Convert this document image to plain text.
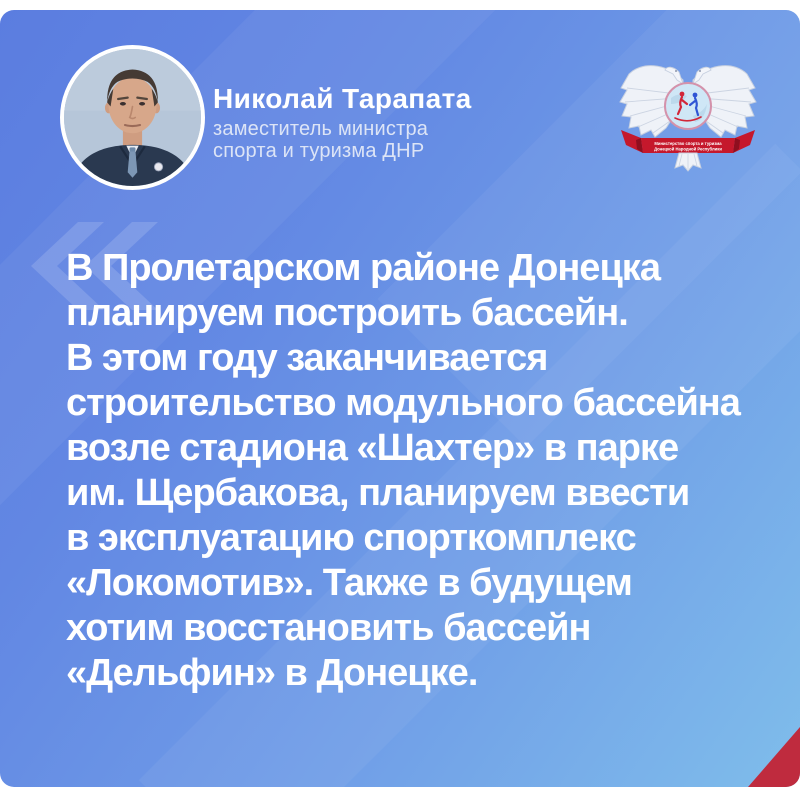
Николай Тарапата
заместитель министра
спорта и туризма ДНР	Министерство спорта и туризма
Донецкой Народной Республики
В Пролетарском районе Донецка
планируем построить бассейн.
В этом году заканчивается
строительство модульного бассейна
возле стадиона «Шахтер» в парке
им. Щербакова, планируем ввести
в эксплуатацию спорткомплекс
«Локомотив». Также в будущем
хотим восстановить бассейн
«Дельфин» в Донецке.
